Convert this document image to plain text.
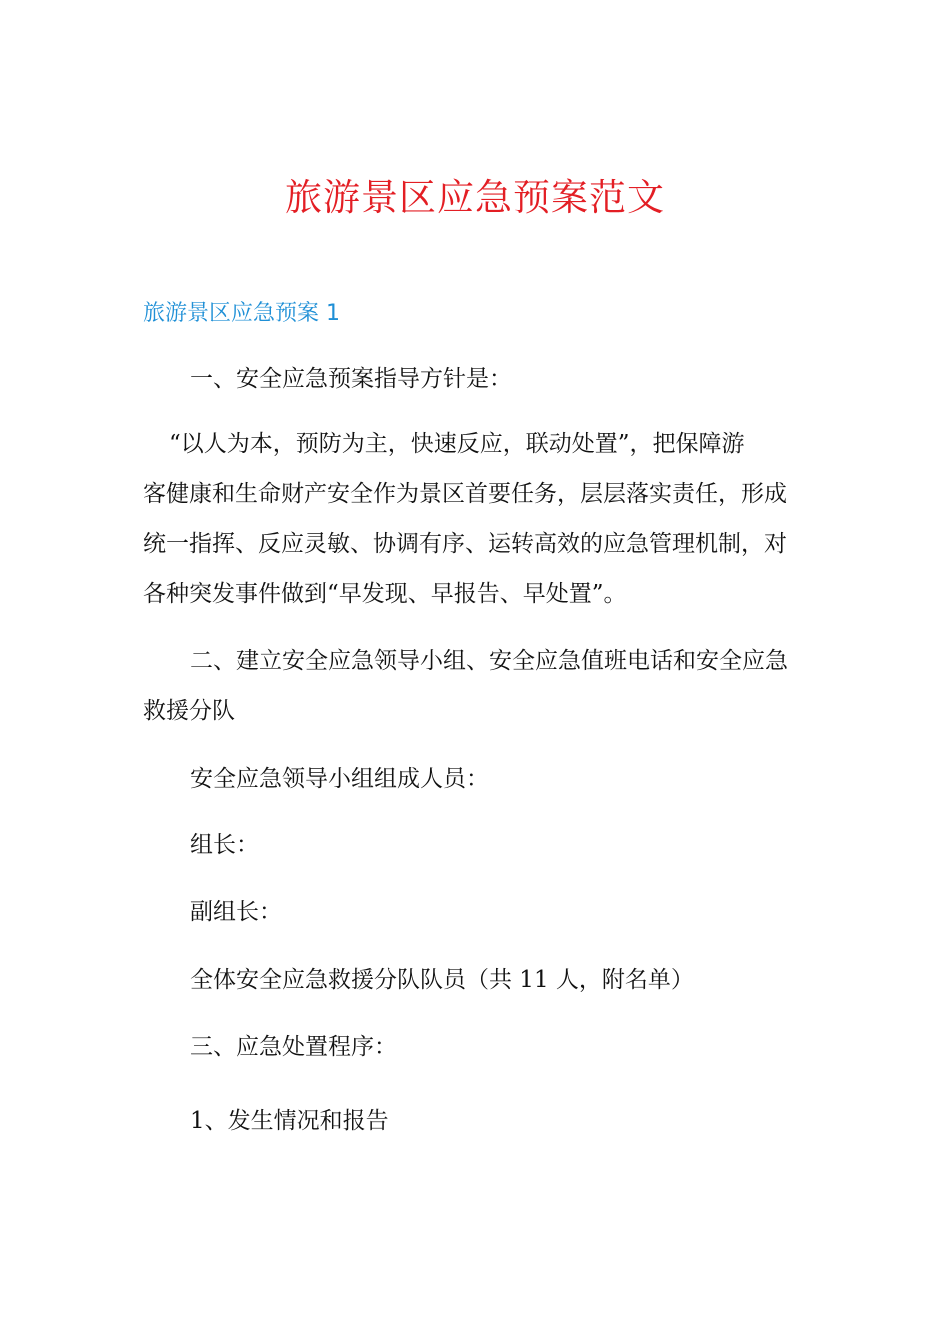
旅游景区应急预案范文
旅游景区应急预案 1

一、安全应急预案指导方针是：

“以人为本，预防为主，快速反应，联动处置”，把保障游
客健康和生命财产安全作为景区首要任务，层层落实责任，形成
统一指挥、反应灵敏、协调有序、运转高效的应急管理机制，对
各种突发事件做到“早发现、早报告、早处置”。
二、建立安全应急领导小组、安全应急值班电话和安全应急
救援分队

安全应急领导小组组成人员：

组长：

副组长：

全体安全应急救援分队队员（共 11 人，附名单）

三、应急处置程序：

1、发生情况和报告
